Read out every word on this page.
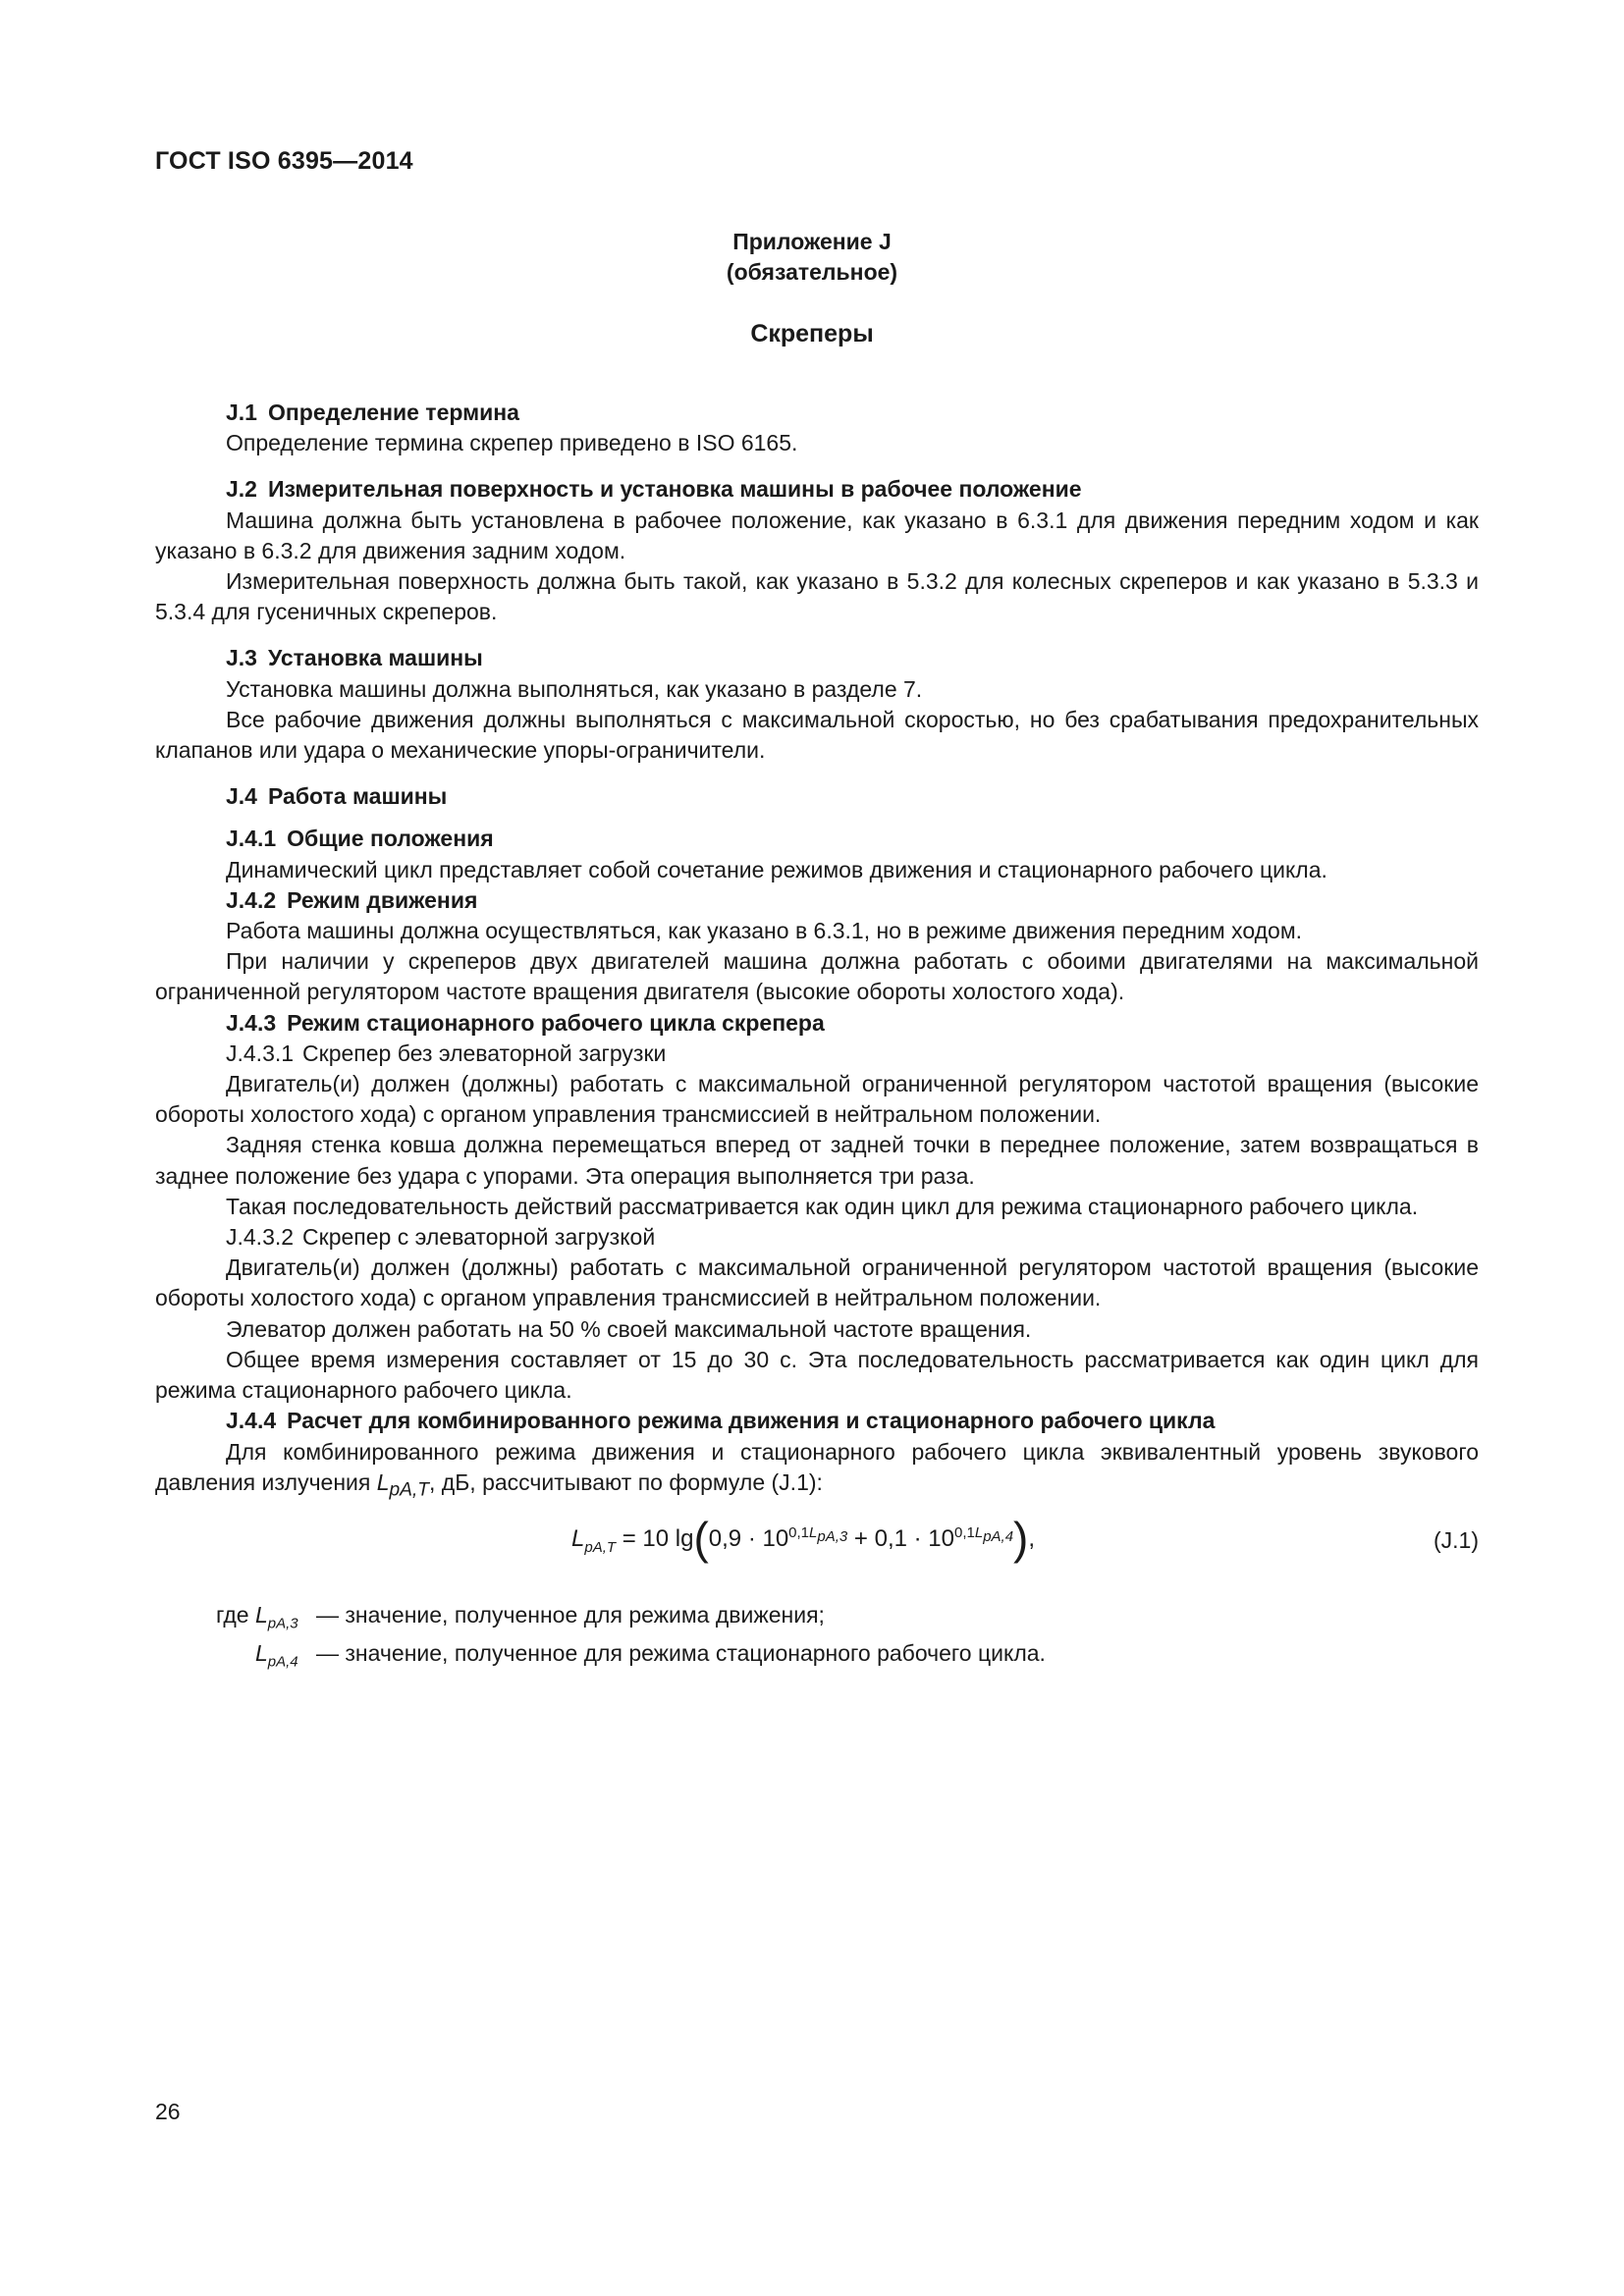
ГОСТ ISO 6395—2014
Приложение J
(обязательное)
Скреперы
J.1 Определение термина

Определение термина скрепер приведено в ISO 6165.

J.2 Измерительная поверхность и установка машины в рабочее положение

Машина должна быть установлена в рабочее положение, как указано в 6.3.1 для движения передним ходом и как указано в 6.3.2 для движения задним ходом.

Измерительная поверхность должна быть такой, как указано в 5.3.2 для колесных скреперов и как указано в 5.3.3 и 5.3.4 для гусеничных скреперов.

J.3 Установка машины

Установка машины должна выполняться, как указано в разделе 7.

Все рабочие движения должны выполняться с максимальной скоростью, но без срабатывания предохранительных клапанов или удара о механические упоры-ограничители.

J.4 Работа машины
J.4.1 Общие положения

Динамический цикл представляет собой сочетание режимов движения и стационарного рабочего цикла.

J.4.2 Режим движения

Работа машины должна осуществляться, как указано в 6.3.1, но в режиме движения передним ходом.

При наличии у скреперов двух двигателей машина должна работать с обоими двигателями на максимальной ограниченной регулятором частоте вращения двигателя (высокие обороты холостого хода).

J.4.3 Режим стационарного рабочего цикла скрепера
J.4.3.1 Скрепер без элеваторной загрузки

Двигатель(и) должен (должны) работать с максимальной ограниченной регулятором частотой вращения (высокие обороты холостого хода) с органом управления трансмиссией в нейтральном положении.

Задняя стенка ковша должна перемещаться вперед от задней точки в переднее положение, затем возвращаться в заднее положение без удара с упорами. Эта операция выполняется три раза.

Такая последовательность действий рассматривается как один цикл для режима стационарного рабочего цикла.

J.4.3.2 Скрепер с элеваторной загрузкой

Двигатель(и) должен (должны) работать с максимальной ограниченной регулятором частотой вращения (высокие обороты холостого хода) с органом управления трансмиссией в нейтральном положении.

Элеватор должен работать на 50 % своей максимальной частоте вращения.

Общее время измерения составляет от 15 до 30 с. Эта последовательность рассматривается как один цикл для режима стационарного рабочего цикла.

J.4.4 Расчет для комбинированного режима движения и стационарного рабочего цикла

Для комбинированного режима движения и стационарного рабочего цикла эквивалентный уровень звукового давления излучения $L_{pA,T}$, дБ, рассчитывают по формуле (J.1):

$L_{pA,T} = 10$ $\lg(0,9 \cdot 10^{0,1L_{pA,3}} + 0,1 \cdot 10^{0,1L_{pA,4}})$,	(J.1)
где $L_{pA,3}$ — значение, полученное для режима движения;

$L_{pA,4}$ — значение, полученное для режима стационарного рабочего цикла.
26
